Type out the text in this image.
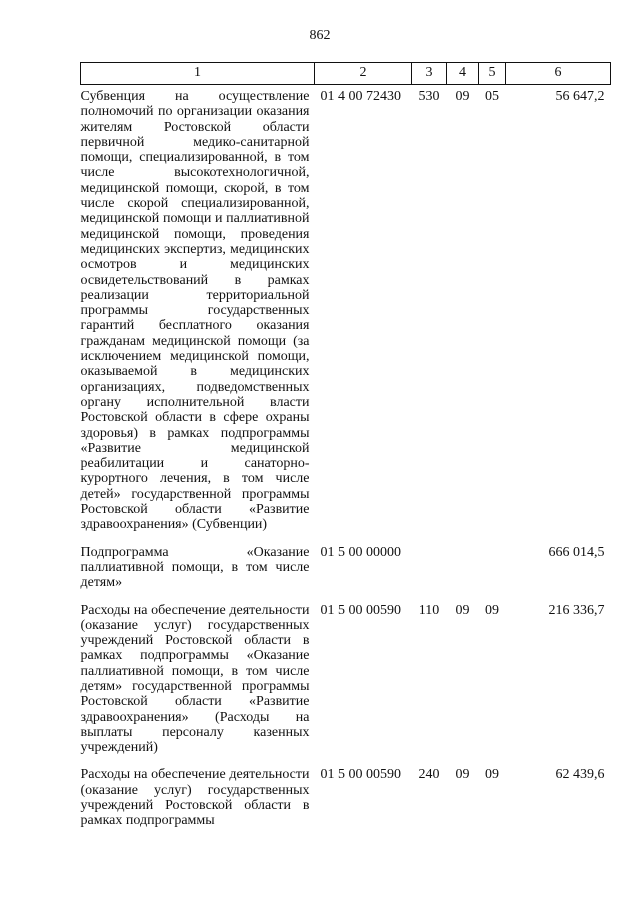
862
1	2	3	4	5	6
Субвенция на осуществление полномочий по организации оказания жителям Ростовской области первичной медико-санитарной помощи, специализированной, в том числе высокотехнологичной, медицинской помощи, скорой, в том числе скорой специализированной, медицинской помощи и паллиативной медицинской помощи, проведения медицинских экспертиз, медицинских осмотров и медицинских освидетельствований в рамках реализации территориальной программы государственных гарантий бесплатного оказания гражданам медицинской помощи (за исключением медицинской помощи, оказываемой в медицинских организациях, подведомственных органу исполнительной власти Ростовской области в сфере охраны здоровья) в рамках подпрограммы «Развитие медицинской реабилитации и санаторно-курортного лечения, в том числе детей» государственной программы Ростовской области «Развитие здравоохранения» (Субвенции)	01 4 00 72430	530	09	05	56 647,2

Подпрограмма «Оказание паллиативной помощи, в том числе детям»	01 5 00 00000				666 014,5

Расходы на обеспечение деятельности (оказание услуг) государственных учреждений Ростовской области в рамках подпрограммы «Оказание паллиативной помощи, в том числе детям» государственной программы Ростовской области «Развитие здравоохранения» (Расходы на выплаты персоналу казенных учреждений)	01 5 00 00590	110	09	09	216 336,7

Расходы на обеспечение деятельности (оказание услуг) государственных учреждений Ростовской области в рамках подпрограммы	01 5 00 00590	240	09	09	62 439,6
